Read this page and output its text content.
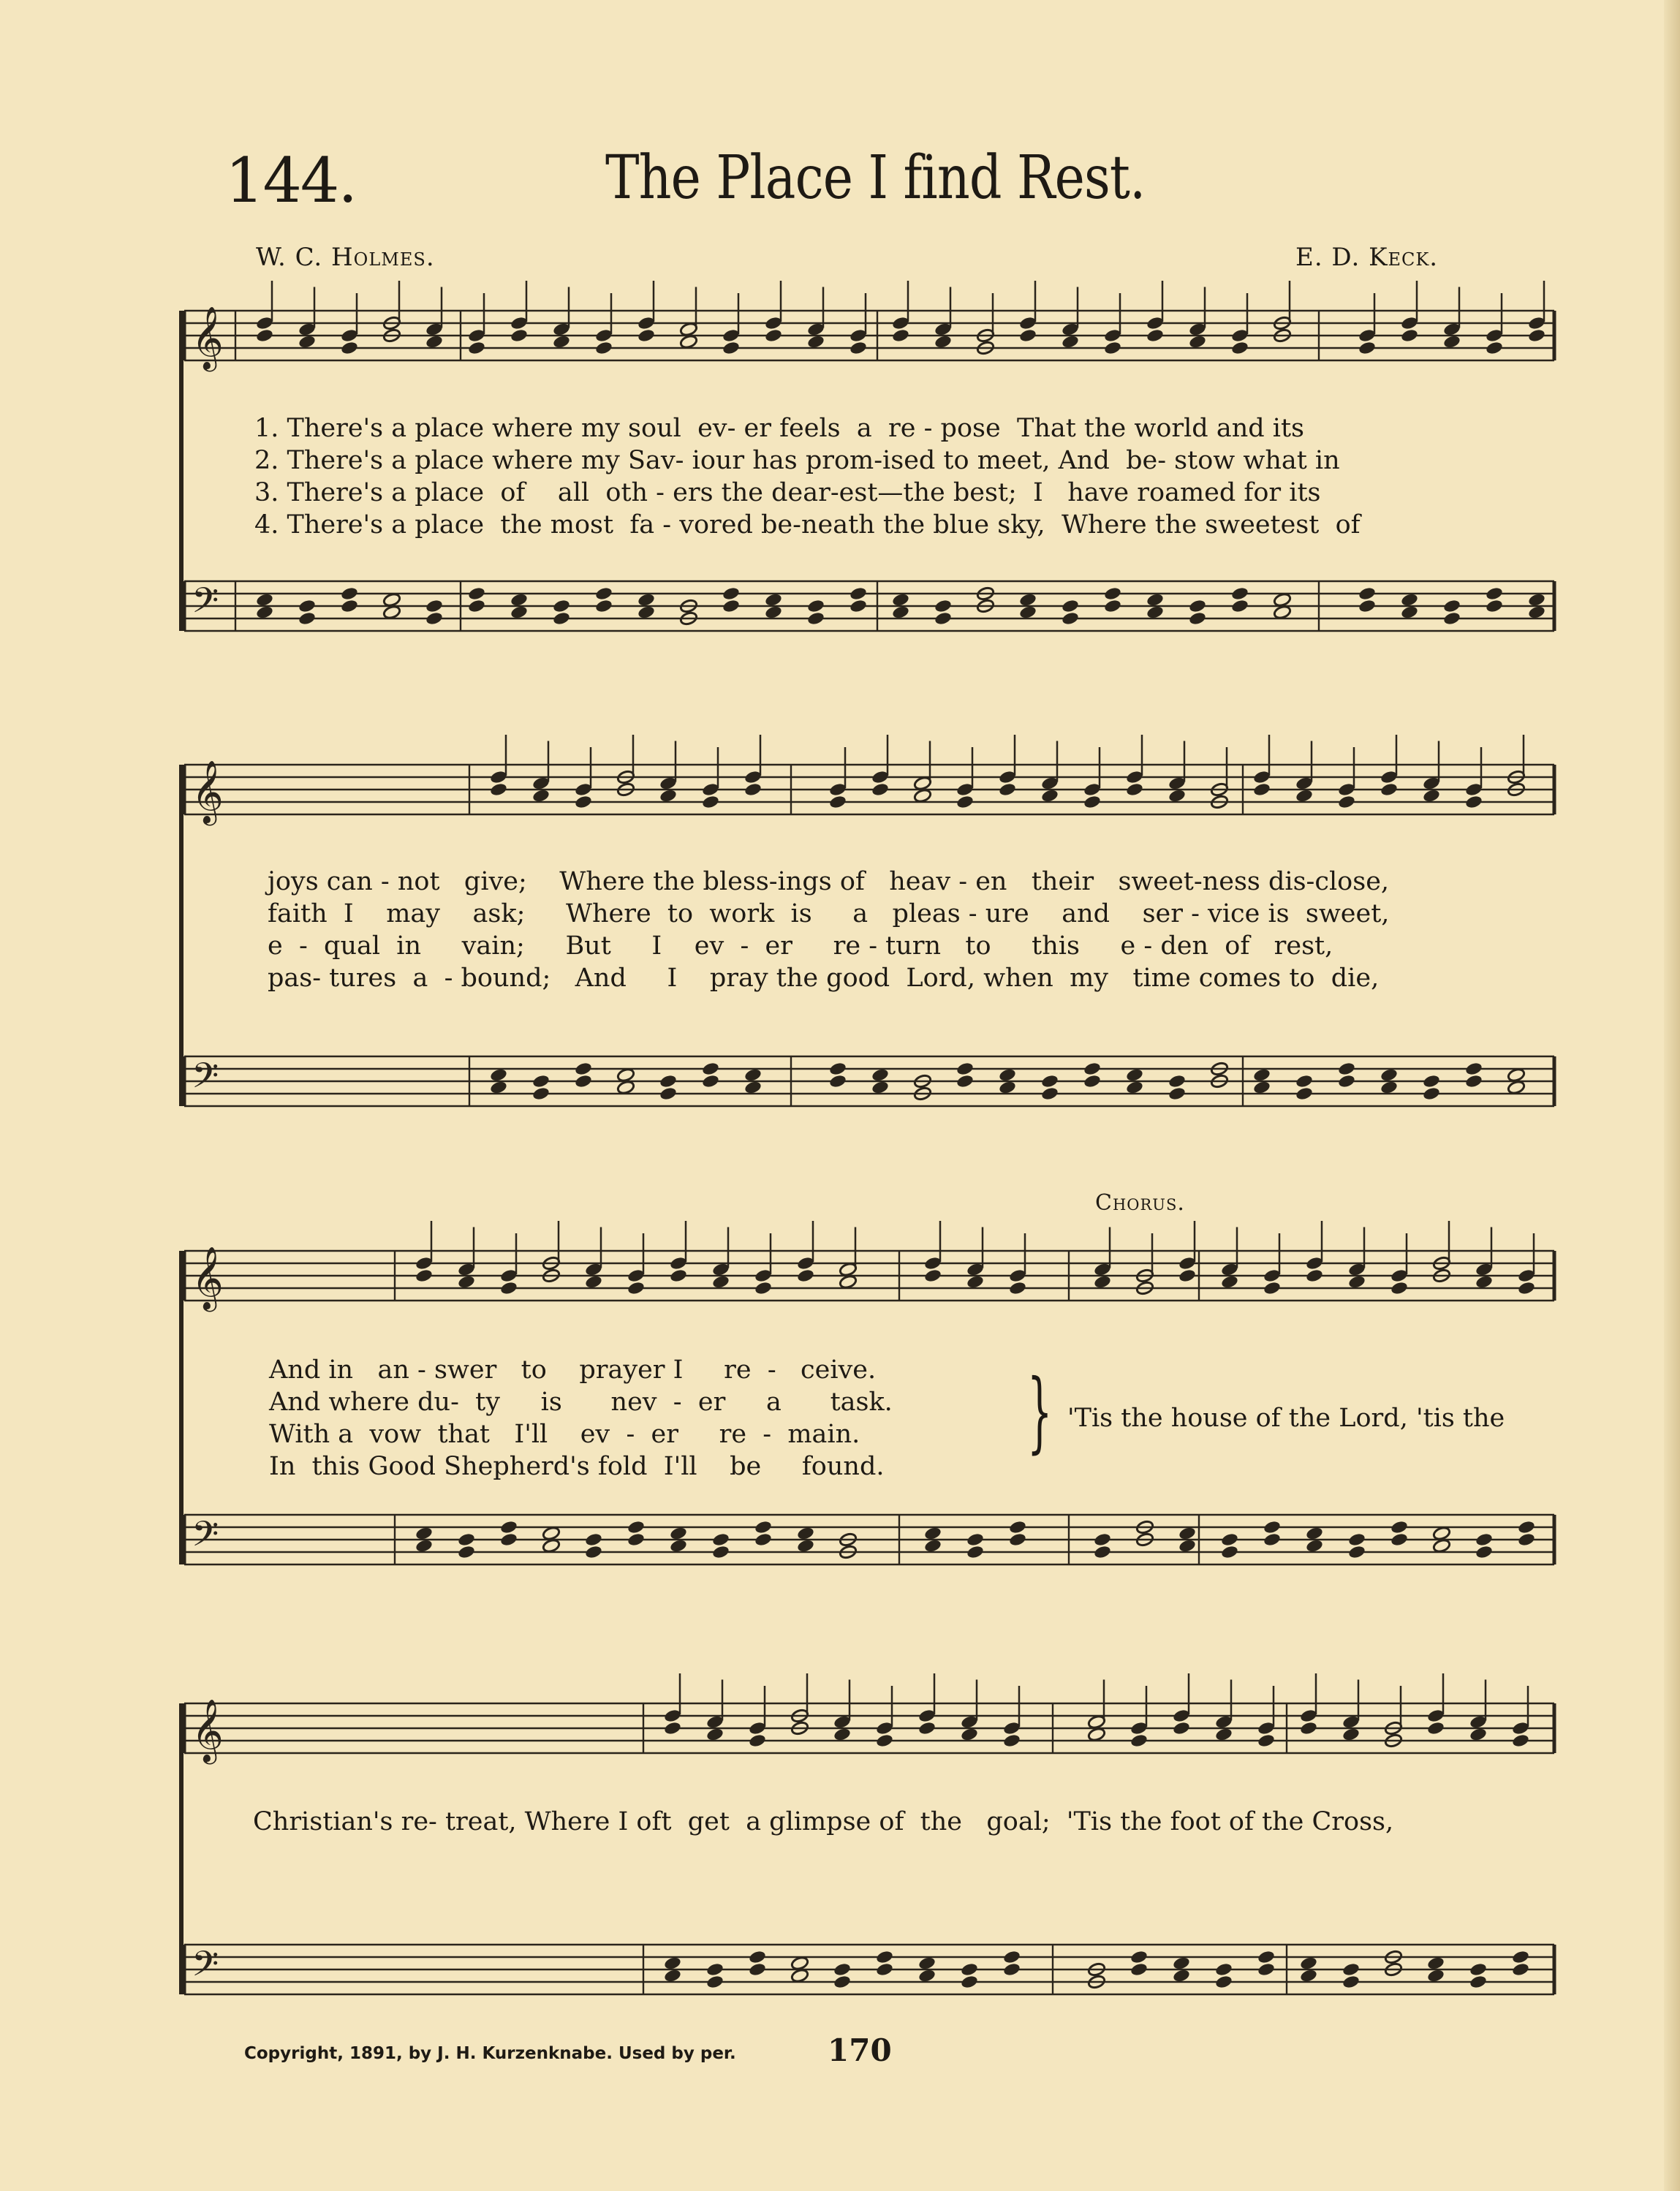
144.	The Place I find Rest.
W. C. Holmes.	E. D. Keck.
𝄞
𝄢
𝄞
𝄢
𝄞
𝄢
𝄞
𝄢
1. There's a place where my soul ev- er feels a  re - pose That the world and its
2. There's a place where my Sav- iour has prom-ised to meet, And  be- stow what in
3. There's a place  of    all oth - ers the dear-est—the best; I   have roamed for its
4. There's a place  the most fa - vored be-neath the blue sky, Where the sweetest  of
joys can - not   give;    Where the bless-ings of   heav - en   their   sweet-ness dis-close,
faith  I    may    ask;     Where  to  work  is     a   pleas - ure    and    ser - vice is  sweet,
e  -  qual  in     vain;     But     I    ev  -  er     re - turn   to     this     e - den  of   rest,
pas- tures  a  - bound;   And     I    pray the good  Lord, when  my   time comes to  die,
Chorus.
And in   an - swer   to    prayer I     re  -   ceive.
And where du-  ty     is      nev  -  er     a      task.
With a  vow  that   I'll    ev  -  er     re  -  main.
In  this Good Shepherd's fold  I'll    be     found.
} 'Tis the house of the Lord, 'tis the
Christian's re- treat, Where I oft  get  a glimpse of  the   goal;  'Tis the foot of the Cross,
Copyright, 1891, by J. H. Kurzenknabe. Used by per.	170
